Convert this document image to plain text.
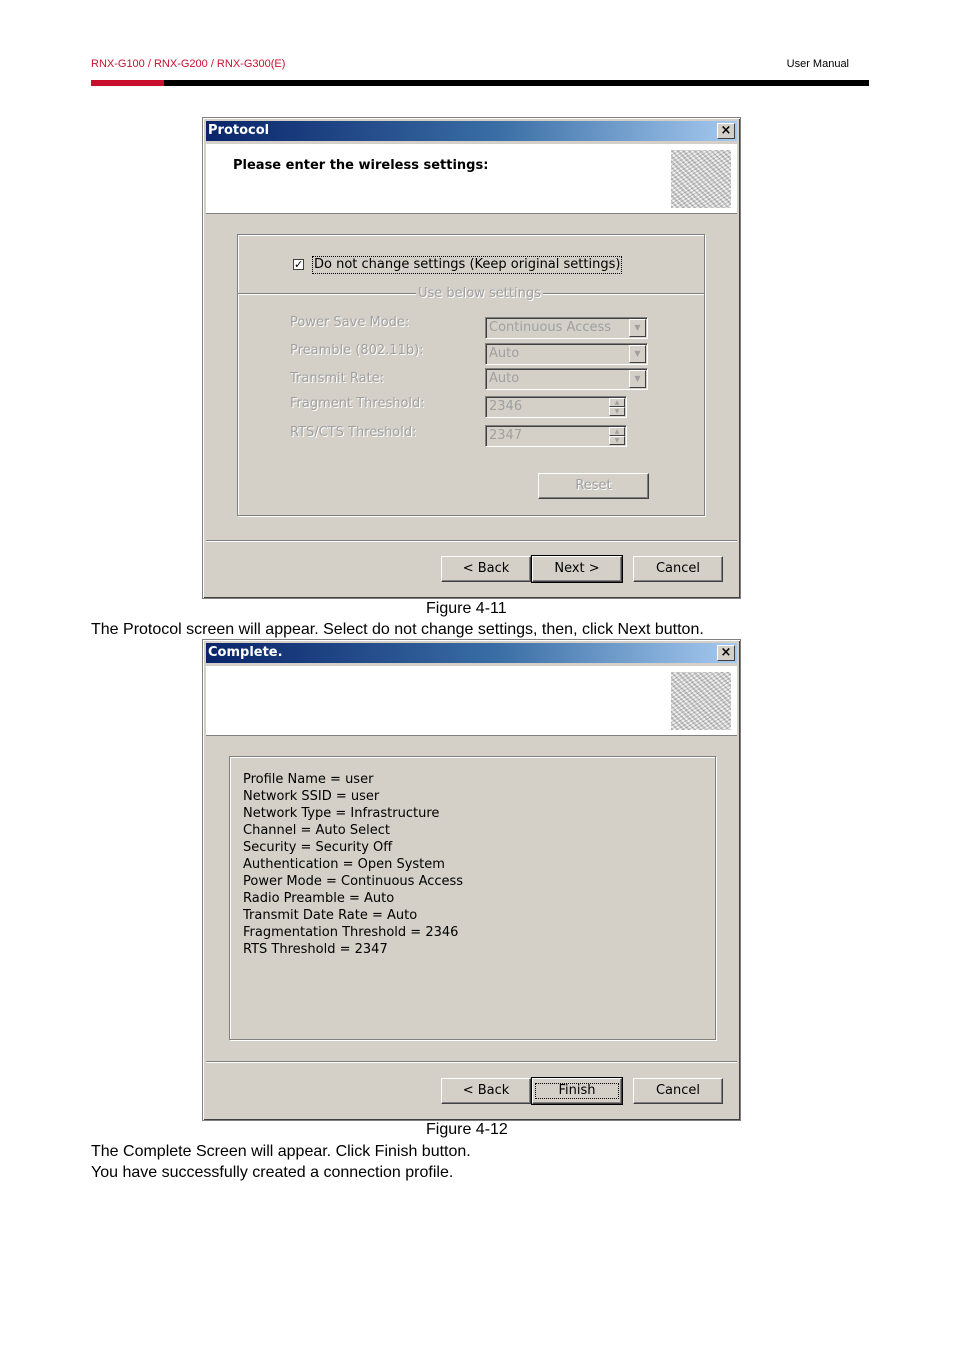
RNX-G100 / RNX-G200 / RNX-G300(E)	User Manual
Protocol	×
Please enter the wireless settings:
✓ Do not change settings (Keep original settings)
Use below settings
Power Save Mode:	Continuous Access	▼
Preamble (802.11b):	Auto	▼
Transmit Rate:	Auto	▼
Fragment Threshold:	2346	▲
▼
RTS/CTS Threshold:	2347	▲
▼
Reset
< Back	Next >	Cancel
Figure 4-11
The Protocol screen will appear. Select do not change settings, then, click Next button.
Complete.	×
Profile Name = user
Network SSID = user
Network Type = Infrastructure
Channel = Auto Select
Security = Security Off
Authentication = Open System
Power Mode = Continuous Access
Radio Preamble = Auto
Transmit Date Rate = Auto
Fragmentation Threshold = 2346
RTS Threshold = 2347
< Back	Finish	Cancel
Figure 4-12
The Complete Screen will appear. Click Finish button.
You have successfully created a connection profile.
